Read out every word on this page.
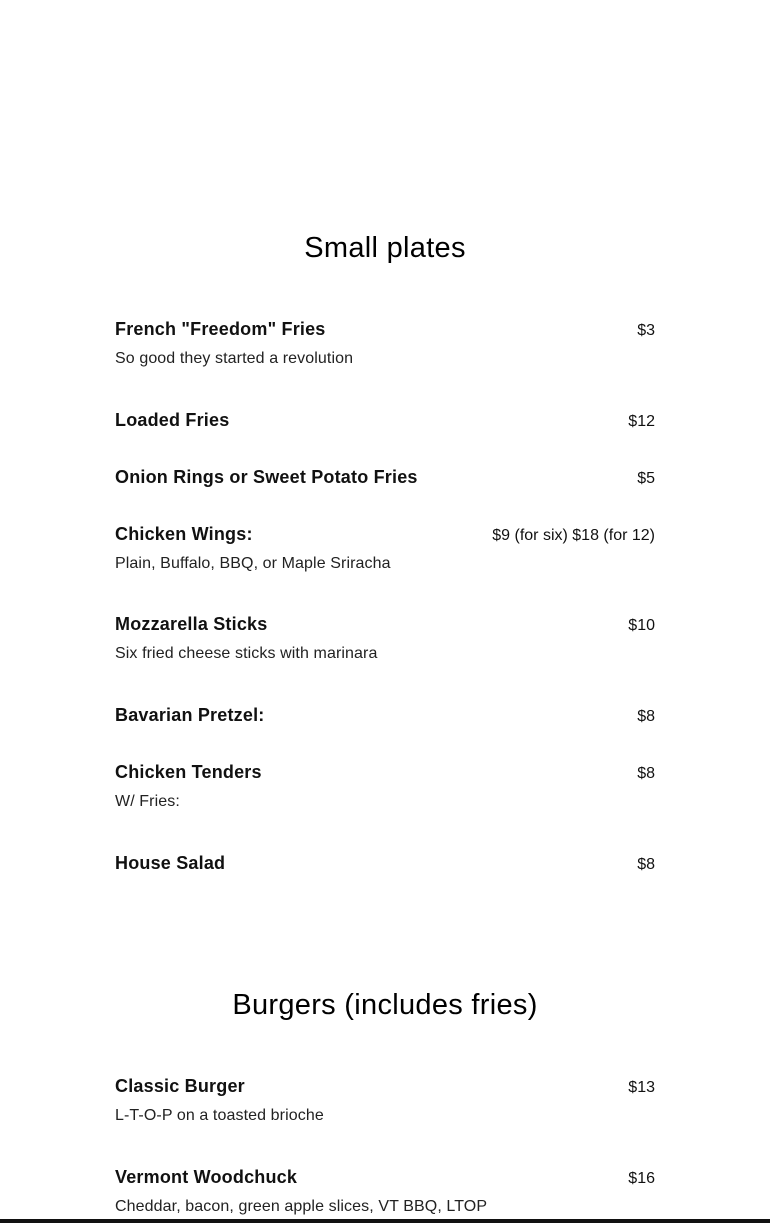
Small plates
French "Freedom" Fries	$3
So good they started a revolution
Loaded Fries	$12
Onion Rings or Sweet Potato Fries	$5
Chicken Wings:	$9 (for six) $18 (for 12)
Plain, Buffalo, BBQ, or Maple Sriracha
Mozzarella Sticks	$10
Six fried cheese sticks with marinara
Bavarian Pretzel:	$8
Chicken Tenders	$8
W/ Fries:
House Salad	$8
Burgers (includes fries)
Classic Burger	$13
L-T-O-P on a toasted brioche
Vermont Woodchuck	$16
Cheddar, bacon, green apple slices, VT BBQ, LTOP
